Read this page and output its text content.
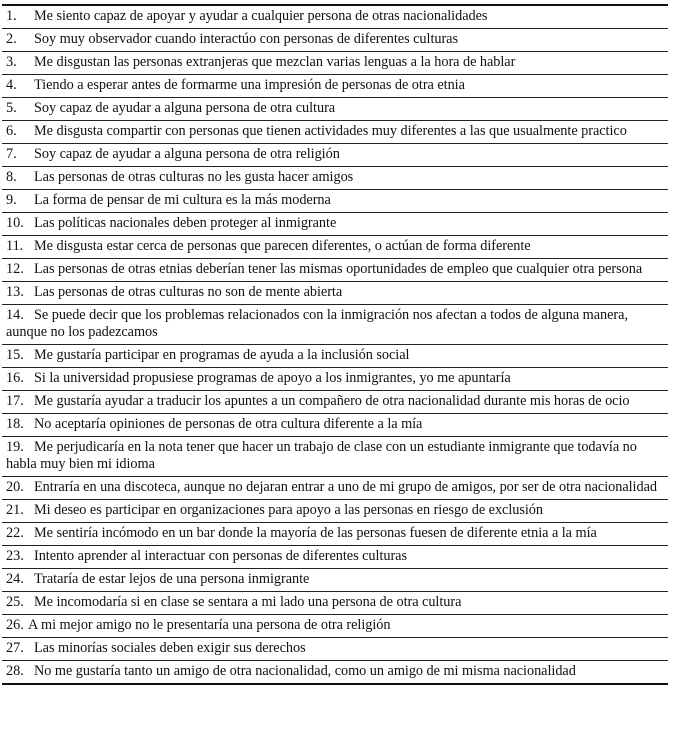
1. Me siento capaz de apoyar y ayudar a cualquier persona de otras nacionalidades
2. Soy muy observador cuando interactúo con personas de diferentes culturas
3. Me disgustan las personas extranjeras que mezclan varias lenguas a la hora de hablar
4. Tiendo a esperar antes de formarme una impresión de personas de otra etnia
5. Soy capaz de ayudar a alguna persona de otra cultura
6. Me disgusta compartir con personas que tienen actividades muy diferentes a las que usualmente practico
7. Soy capaz de ayudar a alguna persona de otra religión
8. Las personas de otras culturas no les gusta hacer amigos
9. La forma de pensar de mi cultura es la más moderna
10. Las políticas nacionales deben proteger al inmigrante
11. Me disgusta estar cerca de personas que parecen diferentes, o actúan de forma diferente
12. Las personas de otras etnias deberían tener las mismas oportunidades de empleo que cualquier otra persona
13. Las personas de otras culturas no son de mente abierta
14. Se puede decir que los problemas relacionados con la inmigración nos afectan a todos de alguna manera, aunque no los padezcamos
15. Me gustaría participar en programas de ayuda a la inclusión social
16. Si la universidad propusiese programas de apoyo a los inmigrantes, yo me apuntaría
17. Me gustaría ayudar a traducir los apuntes a un compañero de otra nacionalidad durante mis horas de ocio
18. No aceptaría opiniones de personas de otra cultura diferente a la mía
19. Me perjudicaría en la nota tener que hacer un trabajo de clase con un estudiante inmigrante que todavía no habla muy bien mi idioma
20. Entraría en una discoteca, aunque no dejaran entrar a uno de mi grupo de amigos, por ser de otra nacionalidad
21. Mi deseo es participar en organizaciones para apoyo a las personas en riesgo de exclusión
22. Me sentiría incómodo en un bar donde la mayoría de las personas fuesen de diferente etnia a la mía
23. Intento aprender al interactuar con personas de diferentes culturas
24. Trataría de estar lejos de una persona inmigrante
25. Me incomodaría si en clase se sentara a mi lado una persona de otra cultura
26. A mi mejor amigo no le presentaría una persona de otra religión
27. Las minorías sociales deben exigir sus derechos
28. No me gustaría tanto un amigo de otra nacionalidad, como un amigo de mi misma nacionalidad
